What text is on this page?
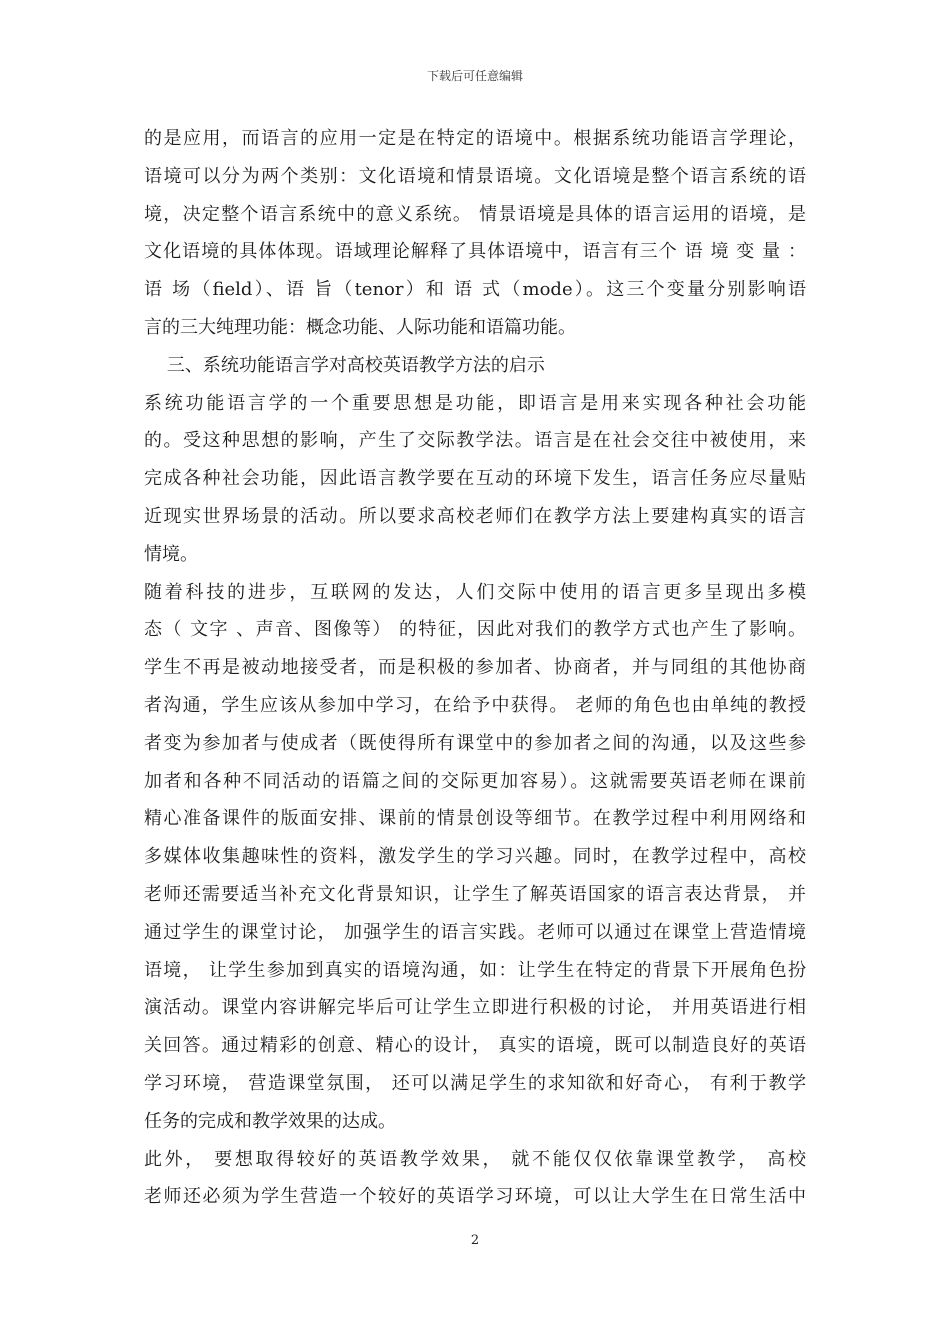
下载后可任意编辑
的是应用，而语言的应用一定是在特定的语境中。根据系统功能语言学理论，
语境可以分为两个类别：文化语境和情景语境。文化语境是整个语言系统的语
境，决定整个语言系统中的意义系统。 情景语境是具体的语言运用的语境，是
文化语境的具体体现。语域理论解释了具体语境中，语言有三个 语 境 变 量 ：
语 场（field）、语 旨（tenor）和 语 式（mode）。这三个变量分别影响语
言的三大纯理功能：概念功能、人际功能和语篇功能。
三、系统功能语言学对高校英语教学方法的启示
系统功能语言学的一个重要思想是功能，即语言是用来实现各种社会功能
的。受这种思想的影响，产生了交际教学法。语言是在社会交往中被使用，来
完成各种社会功能，因此语言教学要在互动的环境下发生，语言任务应尽量贴
近现实世界场景的活动。所以要求高校老师们在教学方法上要建构真实的语言
情境。
随着科技的进步，互联网的发达，人们交际中使用的语言更多呈现出多模
态（ 文字 、声音、图像等） 的特征，因此对我们的教学方式也产生了影响。
学生不再是被动地接受者，而是积极的参加者、协商者，并与同组的其他协商
者沟通，学生应该从参加中学习，在给予中获得。 老师的角色也由单纯的教授
者变为参加者与使成者（既使得所有课堂中的参加者之间的沟通，以及这些参
加者和各种不同活动的语篇之间的交际更加容易）。这就需要英语老师在课前
精心准备课件的版面安排、课前的情景创设等细节。在教学过程中利用网络和
多媒体收集趣味性的资料，激发学生的学习兴趣。同时，在教学过程中，高校
老师还需要适当补充文化背景知识，让学生了解英语国家的语言表达背景， 并
通过学生的课堂讨论， 加强学生的语言实践。老师可以通过在课堂上营造情境
语境， 让学生参加到真实的语境沟通，如：让学生在特定的背景下开展角色扮
演活动。课堂内容讲解完毕后可让学生立即进行积极的讨论， 并用英语进行相
关回答。通过精彩的创意、精心的设计， 真实的语境，既可以制造良好的英语
学习环境， 营造课堂氛围， 还可以满足学生的求知欲和好奇心， 有利于教学
任务的完成和教学效果的达成。
此外， 要想取得较好的英语教学效果， 就不能仅仅依靠课堂教学， 高校
老师还必须为学生营造一个较好的英语学习环境，可以让大学生在日常生活中
2
